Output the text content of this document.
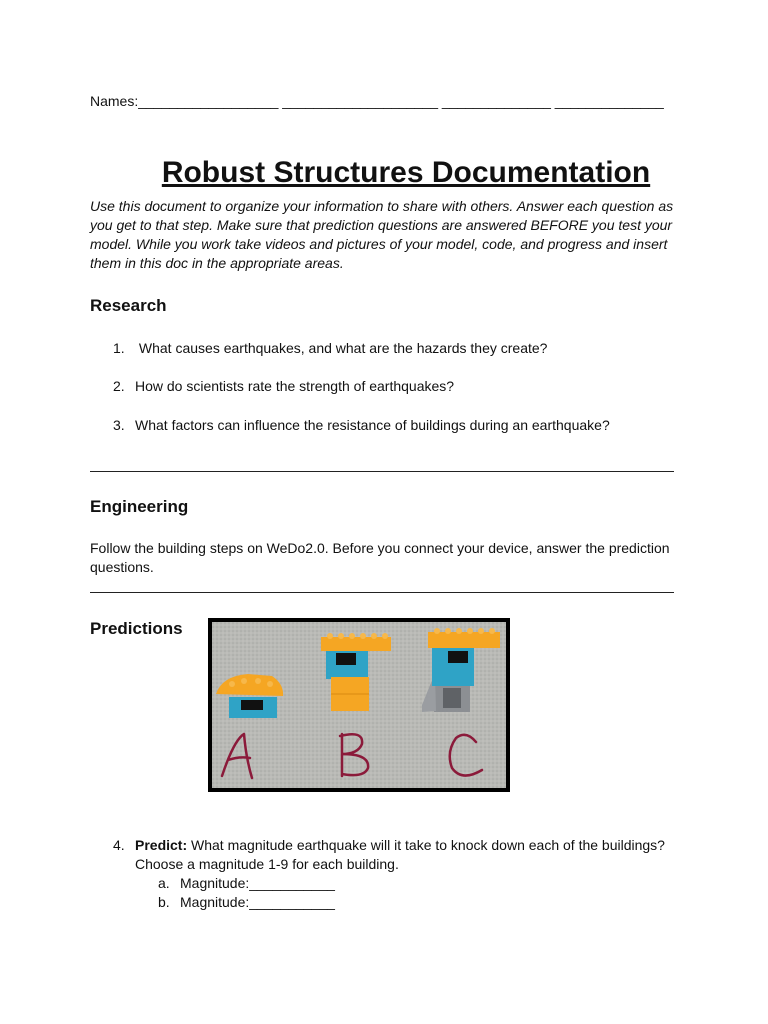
Names:__________________ ____________________ ______________ ______________
Robust Structures Documentation
Use this document to organize your information to share with others. Answer each question as you get to that step. Make sure that prediction questions are answered BEFORE you test your model. While you work take videos and pictures of your model, code, and progress and insert them in this doc in the appropriate areas.
Research
1. What causes earthquakes, and what are the hazards they create?
2. How do scientists rate the strength of earthquakes?
3. What factors can influence the resistance of buildings during an earthquake?
Engineering
Follow the building steps on WeDo2.0. Before you connect your device, answer the prediction questions.
Predictions
4. Predict: What magnitude earthquake will it take to knock down each of the buildings?
Choose a magnitude 1-9 for each building.
a. Magnitude:___________
b. Magnitude:___________
